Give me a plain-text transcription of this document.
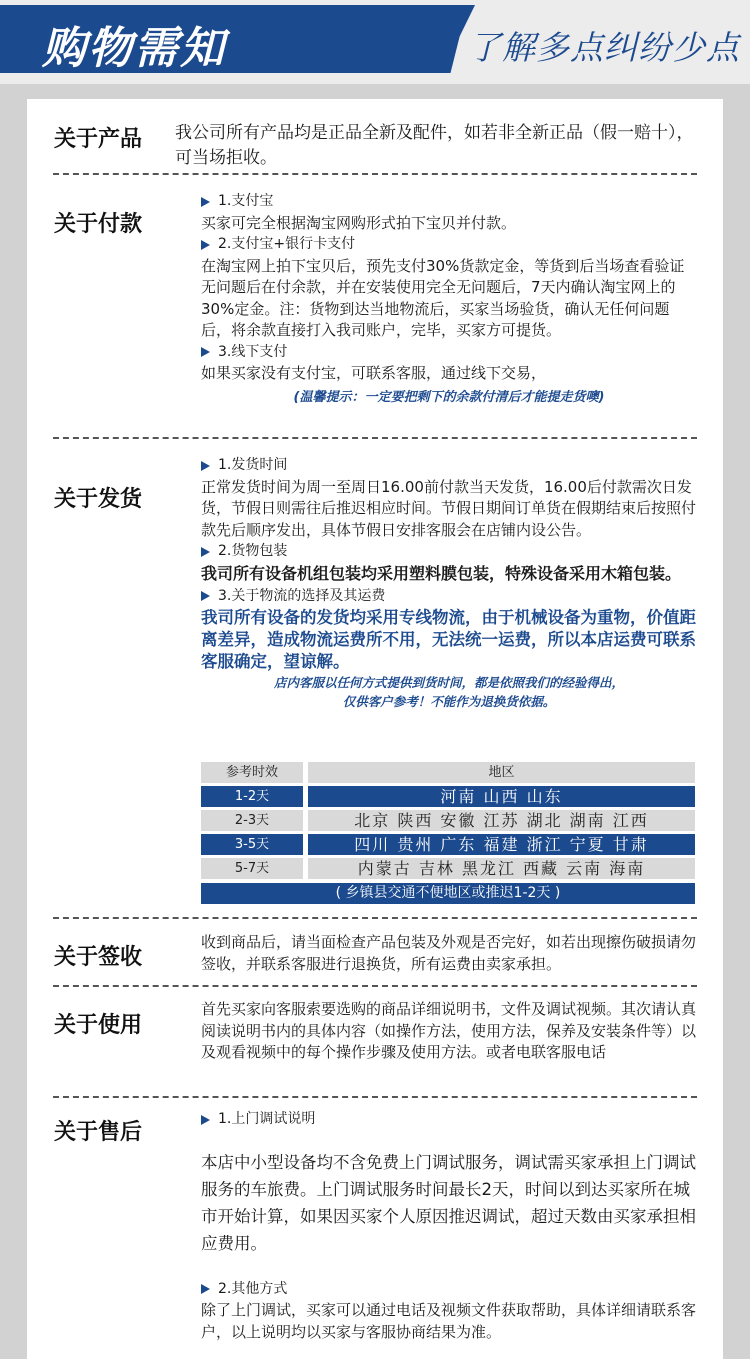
购物需知	了解多点纠纷少点
关于产品 我公司所有产品均是正品全新及配件，如若非全新正品（假一赔十），可当场拒收。
关于付款
1.支付宝
买家可完全根据淘宝网购形式拍下宝贝并付款。
2.支付宝+银行卡支付
在淘宝网上拍下宝贝后，预先支付30%货款定金，等货到后当场查看验证无问题后在付余款，并在安装使用完全无问题后，7天内确认淘宝网上的30%定金。注：货物到达当地物流后，买家当场验货，确认无任何问题后，将余款直接打入我司账户，完毕，买家方可提货。
3.线下支付
如果买家没有支付宝，可联系客服，通过线下交易，
(温馨提示：一定要把剩下的余款付清后才能提走货噢)
关于发货
1.发货时间
正常发货时间为周一至周日16.00前付款当天发货，16.00后付款需次日发货，节假日则需往后推迟相应时间。节假日期间订单货在假期结束后按照付款先后顺序发出，具体节假日安排客服会在店铺内设公告。
2.货物包装
我司所有设备机组包装均采用塑料膜包装，特殊设备采用木箱包装。
3.关于物流的选择及其运费
我司所有设备的发货均采用专线物流，由于机械设备为重物，价值距离差异，造成物流运费所不用，无法统一运费，所以本店运费可联系客服确定，望谅解。
店内客服以任何方式提供到货时间，都是依照我们的经验得出，
仅供客户参考！不能作为退换货依据。
参考时效	地区
1-2天	河南 山西 山东
2-3天	北京 陕西 安徽 江苏 湖北 湖南 江西
3-5天	四川 贵州 广东 福建 浙江 宁夏 甘肃
5-7天	内蒙古 吉林 黑龙江 西藏 云南 海南
( 乡镇县交通不便地区或推迟1-2天 )
关于签收
收到商品后，请当面检查产品包装及外观是否完好，如若出现擦伤破损请勿签收，并联系客服进行退换货，所有运费由卖家承担。
关于使用
首先买家向客服索要选购的商品详细说明书，文件及调试视频。其次请认真阅读说明书内的具体内容（如操作方法，使用方法，保养及安装条件等）以及观看视频中的每个操作步骤及使用方法。或者电联客服电话
关于售后
1.上门调试说明
本店中小型设备均不含免费上门调试服务，调试需买家承担上门调试服务的车旅费。上门调试服务时间最长2天，时间以到达买家所在城市开始计算，如果因买家个人原因推迟调试，超过天数由买家承担相应费用。
2.其他方式
除了上门调试，买家可以通过电话及视频文件获取帮助，具体详细请联系客户，以上说明均以买家与客服协商结果为准。
